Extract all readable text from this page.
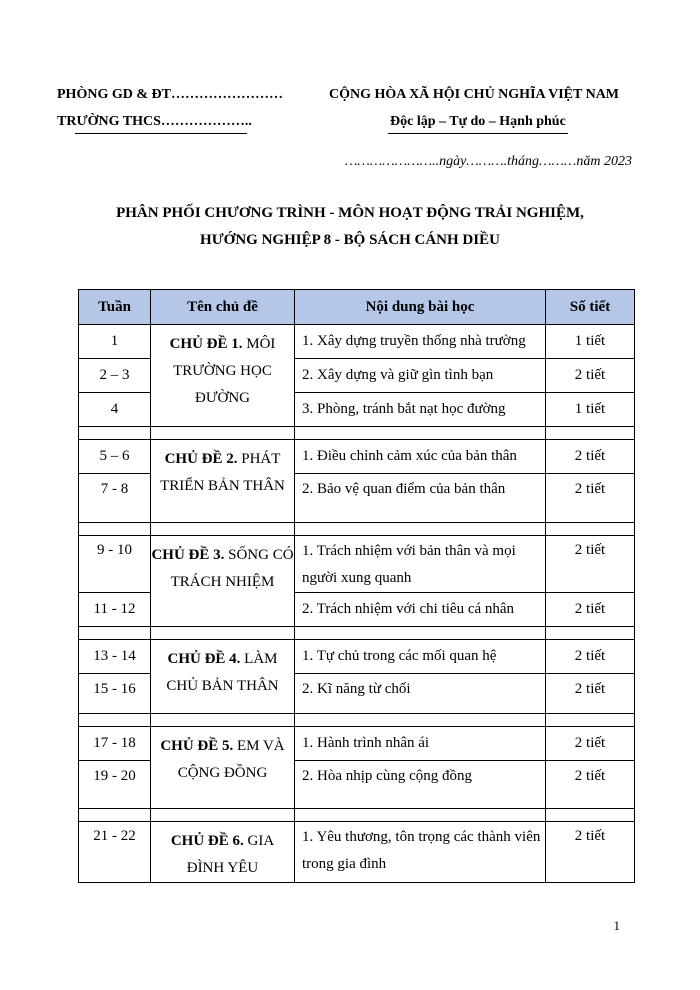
PHÒNG GD & ĐT……………………
TRƯỜNG THCS………………..
CỘNG HÒA XÃ HỘI CHỦ NGHĨA VIỆT NAM
Độc lập – Tự do – Hạnh phúc
…………………..ngày……….tháng………năm 2023
PHÂN PHỐI CHƯƠNG TRÌNH - MÔN HOẠT ĐỘNG TRẢI NGHIỆM,
HƯỚNG NGHIỆP 8 - BỘ SÁCH CÁNH DIỀU
Tuần	Tên chủ đề	Nội dung bài học	Số tiết
1	CHỦ ĐỀ 1. MÔI TRƯỜNG HỌC ĐƯỜNG	1. Xây dựng truyền thống nhà trường	1 tiết
2 – 3		2. Xây dựng và giữ gìn tình bạn	2 tiết
4		3. Phòng, tránh bắt nạt học đường	1 tiết

5 – 6	CHỦ ĐỀ 2. PHÁT TRIỂN BẢN THÂN	1. Điều chỉnh cảm xúc của bản thân	2 tiết
7 - 8		2. Bảo vệ quan điểm của bản thân	2 tiết

9 - 10	CHỦ ĐỀ 3. SỐNG CÓ TRÁCH NHIỆM	1. Trách nhiệm với bản thân và mọi người xung quanh	2 tiết
11 - 12		2. Trách nhiệm với chi tiêu cá nhân	2 tiết

13 - 14	CHỦ ĐỀ 4. LÀM CHỦ BẢN THÂN	1. Tự chủ trong các mối quan hệ	2 tiết
15 - 16		2. Kĩ năng từ chối	2 tiết

17 - 18	CHỦ ĐỀ 5. EM VÀ CỘNG ĐỒNG	1. Hành trình nhân ái	2 tiết
19 - 20		2. Hòa nhịp cùng cộng đồng	2 tiết

21 - 22	CHỦ ĐỀ 6. GIA ĐÌNH YÊU	1. Yêu thương, tôn trọng các thành viên trong gia đình	2 tiết
1
